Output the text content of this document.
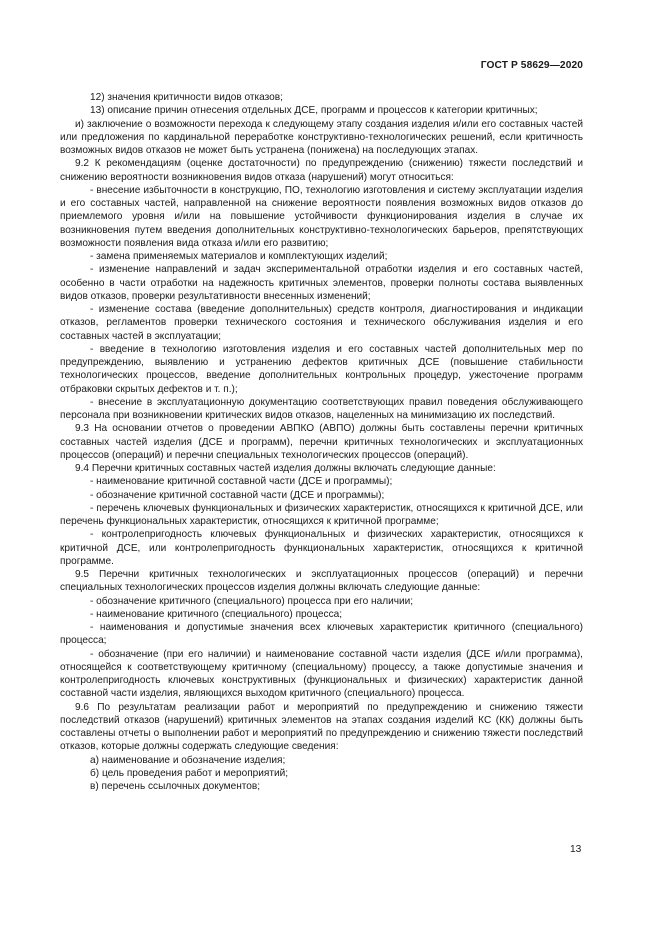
ГОСТ Р 58629—2020

12) значения критичности видов отказов;

13) описание причин отнесения отдельных ДСЕ, программ и процессов к категории критичных;

и) заключение о возможности перехода к следующему этапу создания изделия и/или его составных частей или предложения по кардинальной переработке конструктивно-технологических решений, если критичность возможных видов отказов не может быть устранена (понижена) на последующих этапах.

9.2 К рекомендациям (оценке достаточности) по предупреждению (снижению) тяжести последствий и снижению вероятности возникновения видов отказа (нарушений) могут относиться:

- внесение избыточности в конструкцию, ПО, технологию изготовления и систему эксплуатации изделия и его составных частей, направленной на снижение вероятности появления возможных видов отказов до приемлемого уровня и/или на повышение устойчивости функционирования изделия в случае их возникновения путем введения дополнительных конструктивно-технологических барьеров, препятствующих возможности появления вида отказа и/или его развитию;

- замена применяемых материалов и комплектующих изделий;

- изменение направлений и задач экспериментальной отработки изделия и его составных частей, особенно в части отработки на надежность критичных элементов, проверки полноты состава выявленных видов отказов, проверки результативности внесенных изменений;

- изменение состава (введение дополнительных) средств контроля, диагностирования и индикации отказов, регламентов проверки технического состояния и технического обслуживания изделия и его составных частей в эксплуатации;

- введение в технологию изготовления изделия и его составных частей дополнительных мер по предупреждению, выявлению и устранению дефектов критичных ДСЕ (повышение стабильности технологических процессов, введение дополнительных контрольных процедур, ужесточение программ отбраковки скрытых дефектов и т. п.);

- внесение в эксплуатационную документацию соответствующих правил поведения обслуживающего персонала при возникновении критических видов отказов, нацеленных на минимизацию их последствий.

9.3 На основании отчетов о проведении АВПКО (АВПО) должны быть составлены перечни критичных составных частей изделия (ДСЕ и программ), перечни критичных технологических и эксплуатационных процессов (операций) и перечни специальных технологических процессов (операций).

9.4 Перечни критичных составных частей изделия должны включать следующие данные:

- наименование критичной составной части (ДСЕ и программы);

- обозначение критичной составной части (ДСЕ и программы);

- перечень ключевых функциональных и физических характеристик, относящихся к критичной ДСЕ, или перечень функциональных характеристик, относящихся к критичной программе;

- контролепригодность ключевых функциональных и физических характеристик, относящихся к критичной ДСЕ, или контролепригодность функциональных характеристик, относящихся к критичной программе.

9.5 Перечни критичных технологических и эксплуатационных процессов (операций) и перечни специальных технологических процессов изделия должны включать следующие данные:

- обозначение критичного (специального) процесса при его наличии;

- наименование критичного (специального) процесса;

- наименования и допустимые значения всех ключевых характеристик критичного (специального) процесса;

- обозначение (при его наличии) и наименование составной части изделия (ДСЕ и/или программа), относящейся к соответствующему критичному (специальному) процессу, а также допустимые значения и контролепригодность ключевых конструктивных (функциональных и физических) характеристик данной составной части изделия, являющихся выходом критичного (специального) процесса.

9.6 По результатам реализации работ и мероприятий по предупреждению и снижению тяжести последствий отказов (нарушений) критичных элементов на этапах создания изделий КС (КК) должны быть составлены отчеты о выполнении работ и мероприятий по предупреждению и снижению тяжести последствий отказов, которые должны содержать следующие сведения:

а) наименование и обозначение изделия;

б) цель проведения работ и мероприятий;

в) перечень ссылочных документов;

13
